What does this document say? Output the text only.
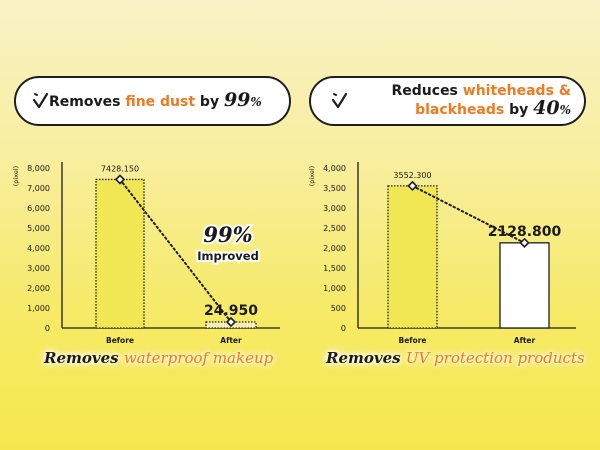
Removes fine dust by 99%
Reduces whiteheads &
blackheads by 40%
0
1,000
2,000
3,000
4,000
5,000
6,000
7,000
8,000
(pixel)
Before	After
7428.150
24.950
0
500
1,000
1,500
2,000
2,500
3,000
3,500
4,000
(pixel)
Before	After
3552.300
2128.800
99%
Improved
Removes waterproof makeup	Removes UV protection products
